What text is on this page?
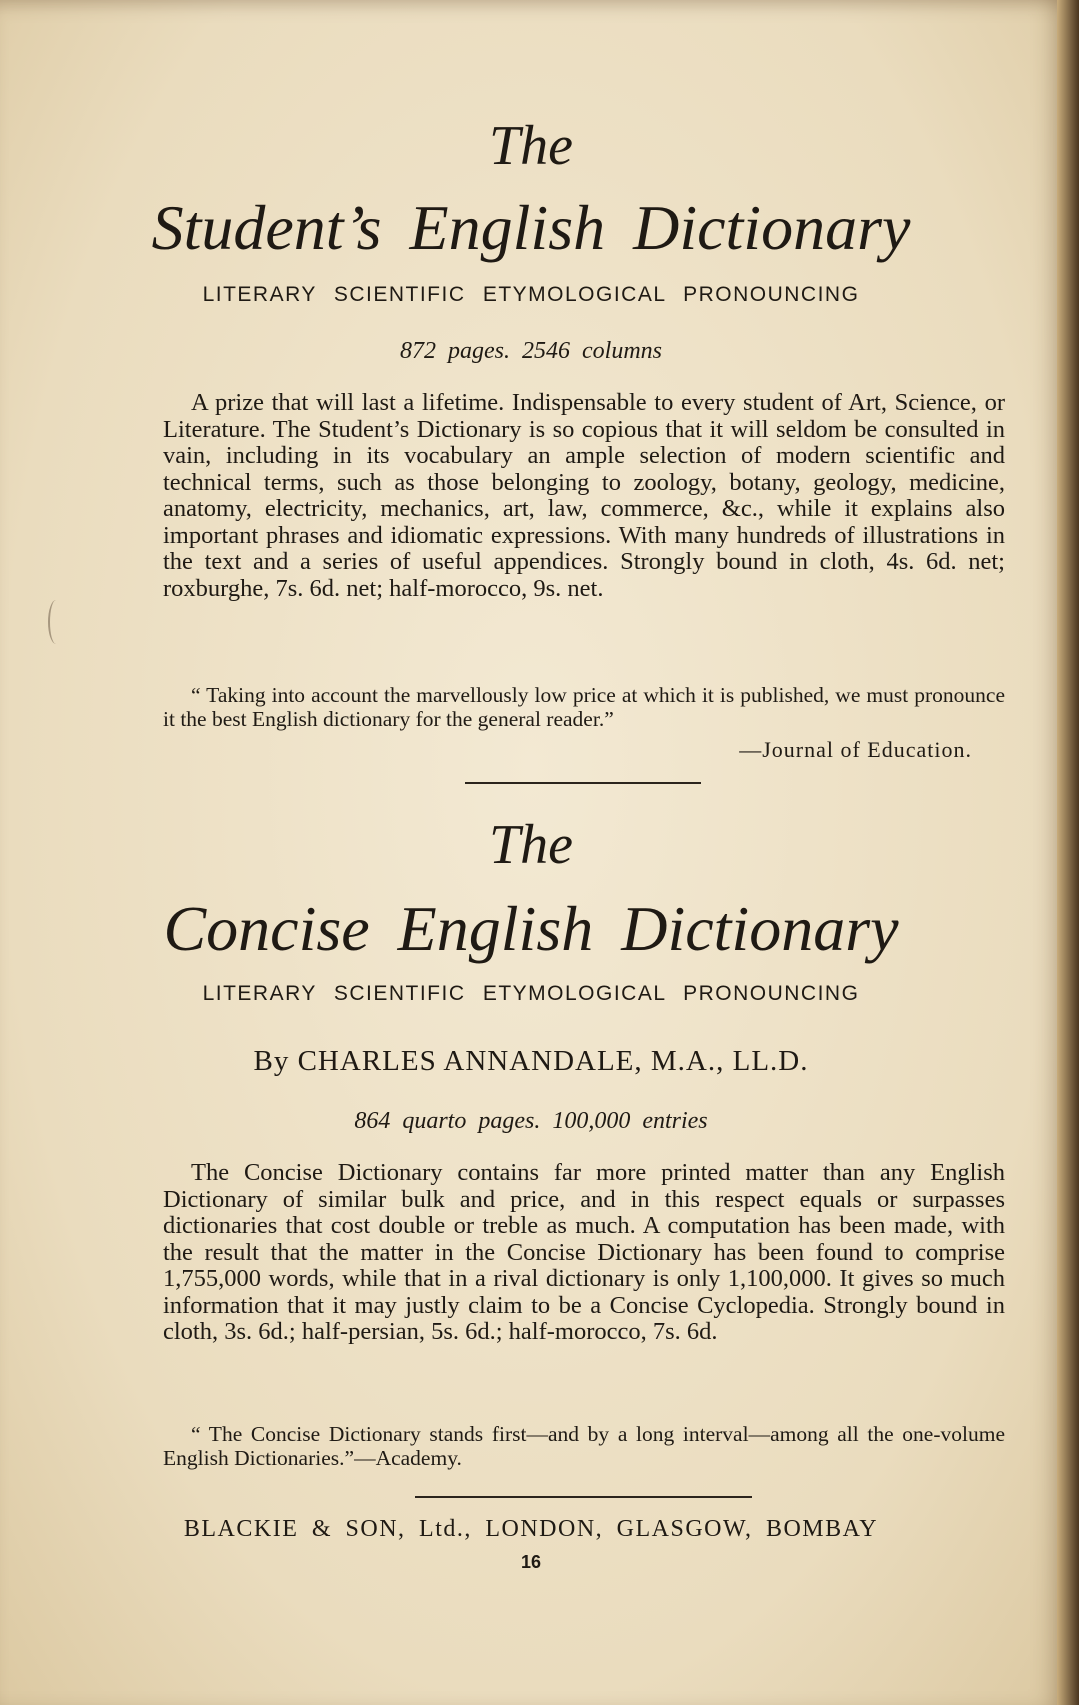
The
Student’s English Dictionary
LITERARY SCIENTIFIC ETYMOLOGICAL PRONOUNCING
872 pages. 2546 columns
A prize that will last a lifetime. Indispensable to every student of Art, Science, or Literature. The Student’s Dictionary is so copious that it will seldom be consulted in vain, including in its vocabulary an ample selection of modern scientific and technical terms, such as those belonging to zoology, botany, geology, medicine, anatomy, electricity, mechanics, art, law, commerce, &c., while it explains also important phrases and idiomatic expressions. With many hundreds of illustrations in the text and a series of useful appendices. Strongly bound in cloth, 4s. 6d. net; roxburghe, 7s. 6d. net; half-morocco, 9s. net.
“ Taking into account the marvellously low price at which it is published, we must pronounce it the best English dictionary for the general reader.”
—Journal of Education.
The
Concise English Dictionary
LITERARY SCIENTIFIC ETYMOLOGICAL PRONOUNCING
By CHARLES ANNANDALE, M.A., LL.D.
864 quarto pages. 100,000 entries
The Concise Dictionary contains far more printed matter than any English Dictionary of similar bulk and price, and in this respect equals or surpasses dictionaries that cost double or treble as much. A computation has been made, with the result that the matter in the Concise Dictionary has been found to comprise 1,755,000 words, while that in a rival dictionary is only 1,100,000. It gives so much information that it may justly claim to be a Concise Cyclopedia. Strongly bound in cloth, 3s. 6d.; half-persian, 5s. 6d.; half-morocco, 7s. 6d.
“ The Concise Dictionary stands first—and by a long interval—among all the one-volume English Dictionaries.”—Academy.
BLACKIE & SON, Ltd., LONDON, GLASGOW, BOMBAY
16
